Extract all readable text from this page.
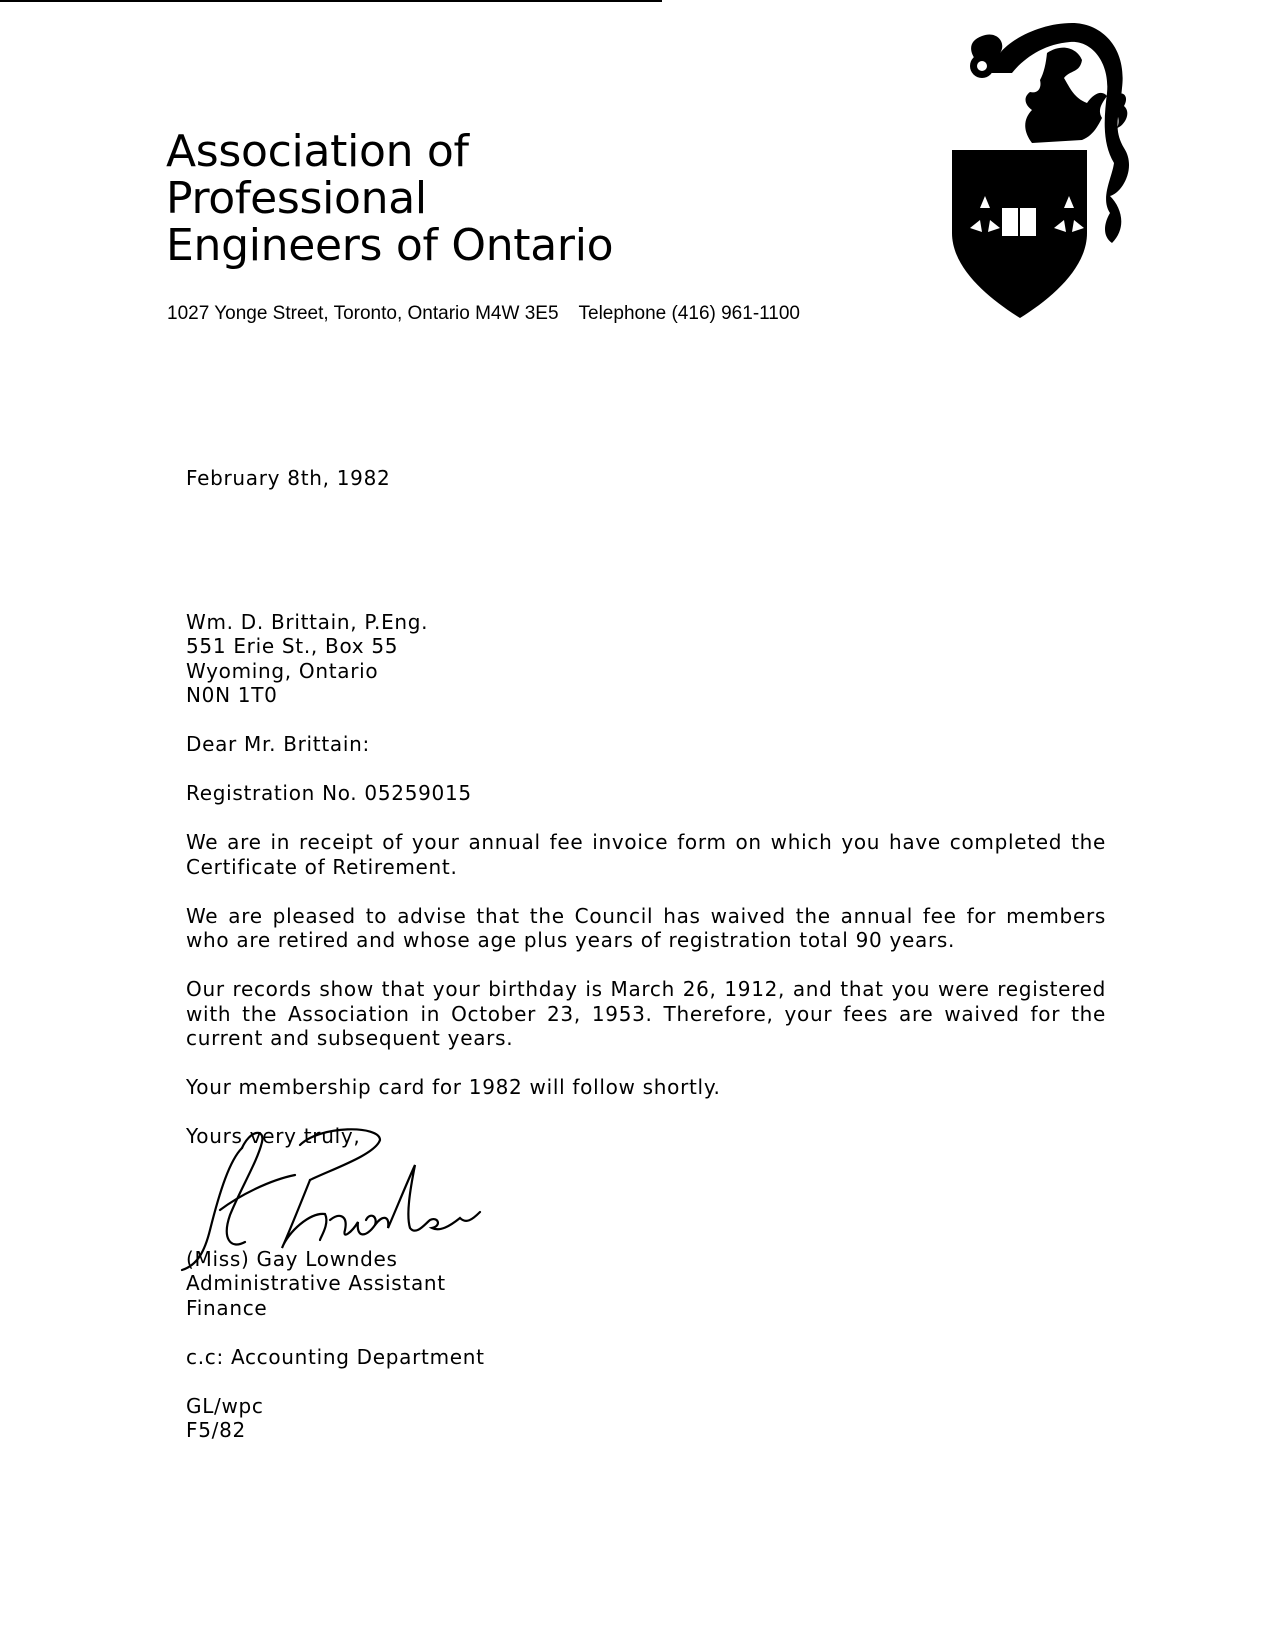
Association of
Professional
Engineers of Ontario
1027 Yonge Street, Toronto, Ontario M4W 3E5 Telephone (416) 961-1100

February 8th, 1982

Wm. D. Brittain, P.Eng.

551 Erie St., Box 55

Wyoming, Ontario

N0N 1T0

Dear Mr. Brittain:

Registration No. 05259015

We are in receipt of your annual fee invoice form on which you have completed the Certificate of Retirement.

We are pleased to advise that the Council has waived the annual fee for members who are retired and whose age plus years of registration total 90 years.

Our records show that your birthday is March 26, 1912, and that you were registered with the Association in October 23, 1953. Therefore, your fees are waived for the current and subsequent years.

Your membership card for 1982 will follow shortly.

Yours very truly,

(Miss) Gay Lowndes

Administrative Assistant

Finance

c.c: Accounting Department

GL/wpc

F5/82
